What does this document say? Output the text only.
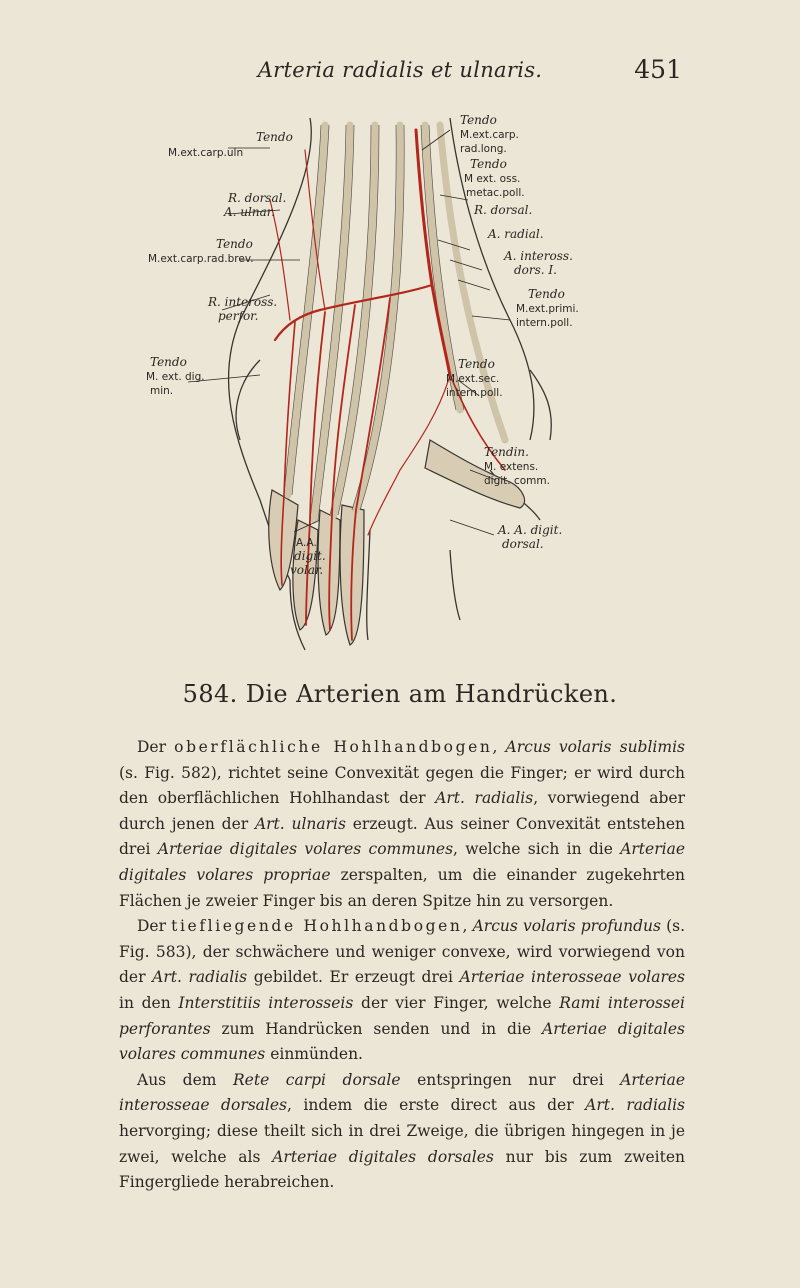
Arteria radialis et ulnaris.	451
Tendo
M.ext.carp.uln
R. dorsal.
A. ulnar.
Tendo
M.ext.carp.rad.brev.
R. inteross.
perfor.
Tendo
M. ext. dig.
min.
Tendo
M.ext.carp.
rad.long.
Tendo
M ext. oss.
metac.poll.
R. dorsal.
A. radial.
A. inteross.
dors. I.
Tendo
M.ext.primi.
intern.poll.
Tendo
M.ext.sec.
intern.poll.
Tendin.
M. extens.
digit. comm.
A. A. digit.
dorsal.
A.A.
digit.
volar.
584. Die Arterien am Handrücken.

Der oberflächliche Hohlhandbogen, Arcus volaris sublimis (s. Fig. 582), richtet seine Convexität gegen die Finger; er wird durch den oberflächlichen Hohlhandast der Art. radialis, vorwiegend aber durch jenen der Art. ulnaris erzeugt. Aus seiner Convexität entstehen drei Arteriae digitales volares communes, welche sich in die Arteriae digitales volares propriae zerspalten, um die einander zugekehrten Flächen je zweier Finger bis an deren Spitze hin zu versorgen.

Der tiefliegende Hohlhandbogen, Arcus volaris profundus (s. Fig. 583), der schwächere und weniger convexe, wird vorwiegend von der Art. radialis gebildet. Er erzeugt drei Arteriae interosseae volares in den Interstitiis interosseis der vier Finger, welche Rami interossei perforantes zum Handrücken senden und in die Arteriae digitales volares communes einmünden.

Aus dem Rete carpi dorsale entspringen nur drei Arteriae interosseae dorsales, indem die erste direct aus der Art. radialis hervorging; diese theilt sich in drei Zweige, die übrigen hingegen in je zwei, welche als Arteriae digitales dorsales nur bis zum zweiten Fingergliede herabreichen.
